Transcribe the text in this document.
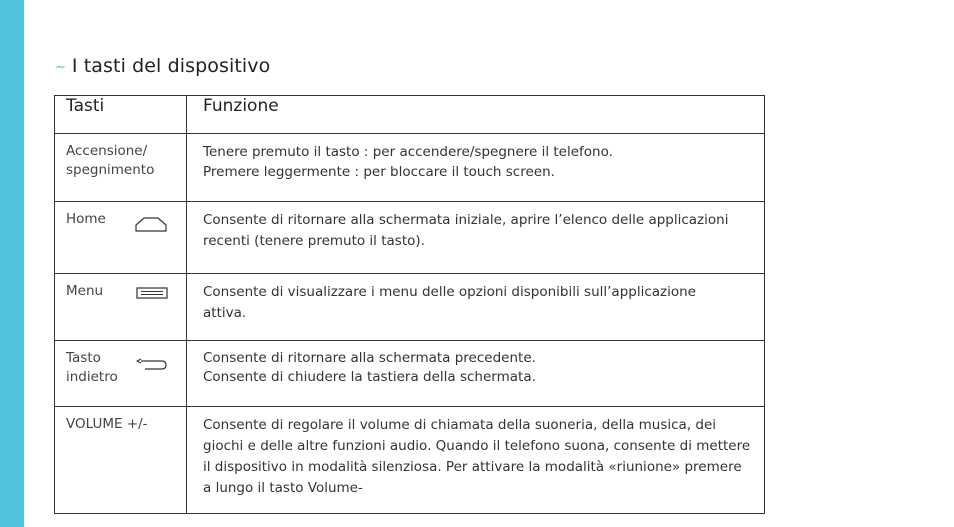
~ I tasti del dispositivo
Tasti	Funzione

Accensione/
spegnimento	Tenere premuto il tasto : per accendere/spegnere il telefono.
Premere leggermente : per bloccare il touch screen.

Home	Consente di ritornare alla schermata iniziale, aprire l’elenco delle applicazioni
recenti (tenere premuto il tasto).

Menu	Consente di visualizzare i menu delle opzioni disponibili sull’applicazione
attiva.

Tasto
indietro	Consente di ritornare alla schermata precedente.
Consente di chiudere la tastiera della schermata.

VOLUME +/-	Consente di regolare il volume di chiamata della suoneria, della musica, dei
giochi e delle altre funzioni audio. Quando il telefono suona, consente di mettere
il dispositivo in modalità silenziosa. Per attivare la modalità «riunione» premere
a lungo il tasto Volume-
